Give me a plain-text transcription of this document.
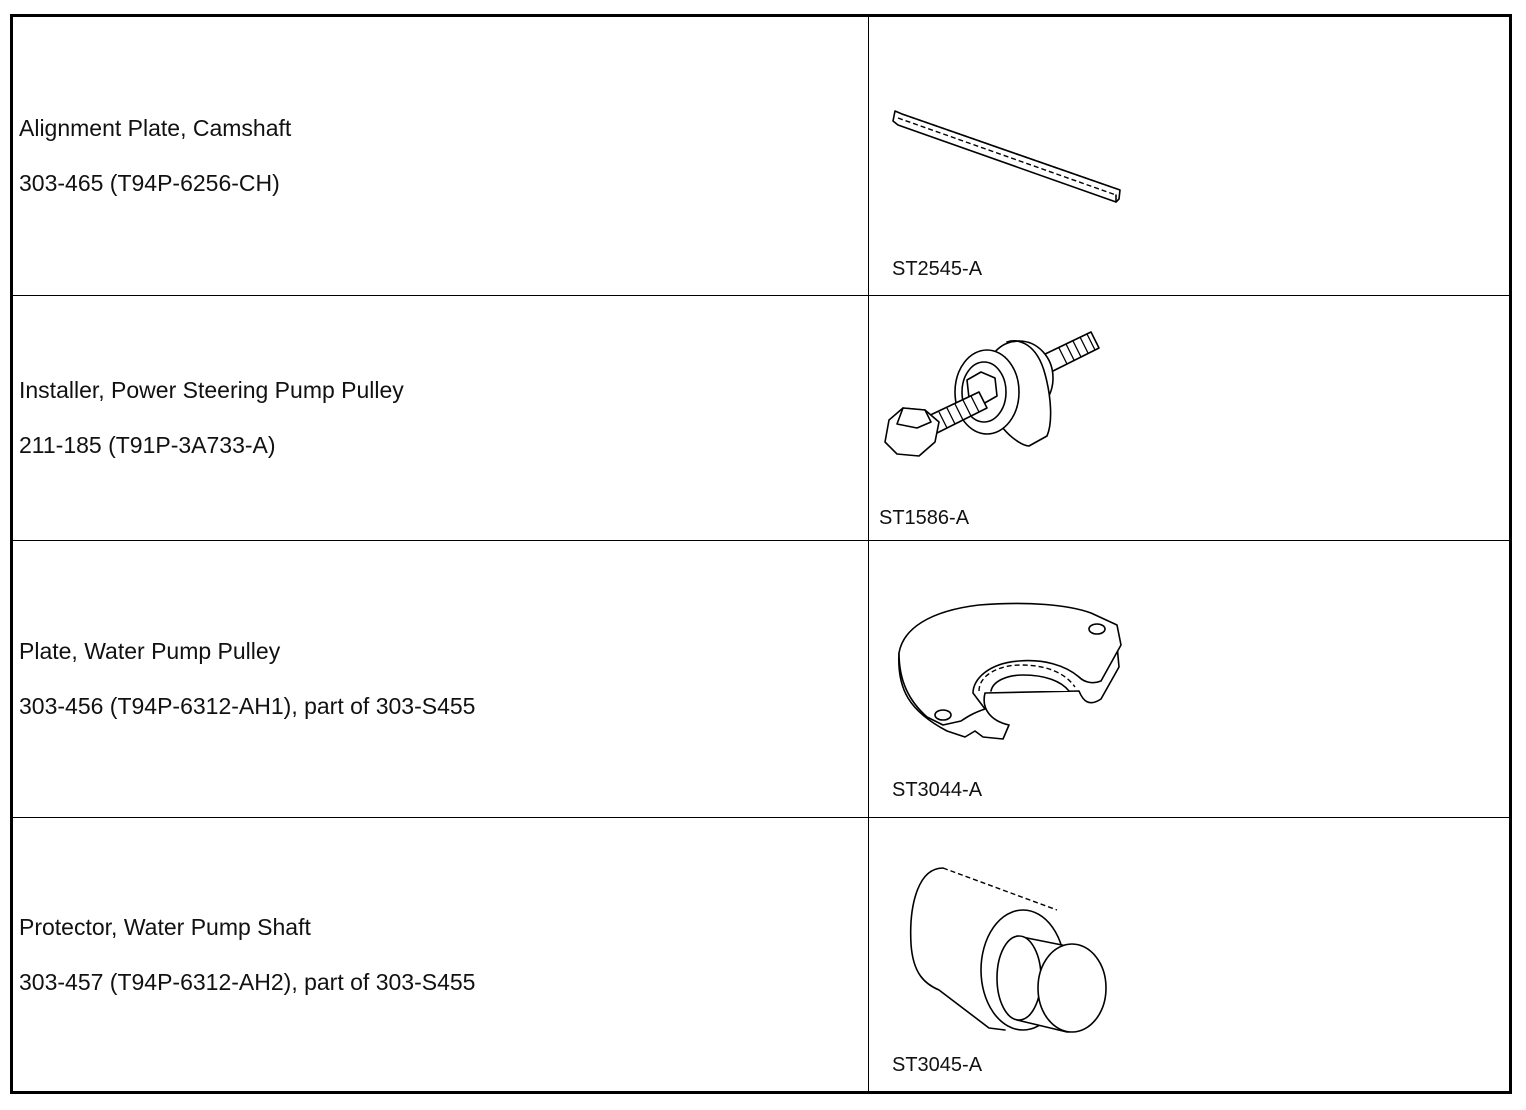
Alignment Plate, Camshaft
303-465 (T94P-6256-CH)
ST2545-A
Installer, Power Steering Pump Pulley
211-185 (T91P-3A733-A)
ST1586-A
Plate, Water Pump Pulley
303-456 (T94P-6312-AH1), part of 303-S455
ST3044-A
Protector, Water Pump Shaft
303-457 (T94P-6312-AH2), part of 303-S455
ST3045-A
